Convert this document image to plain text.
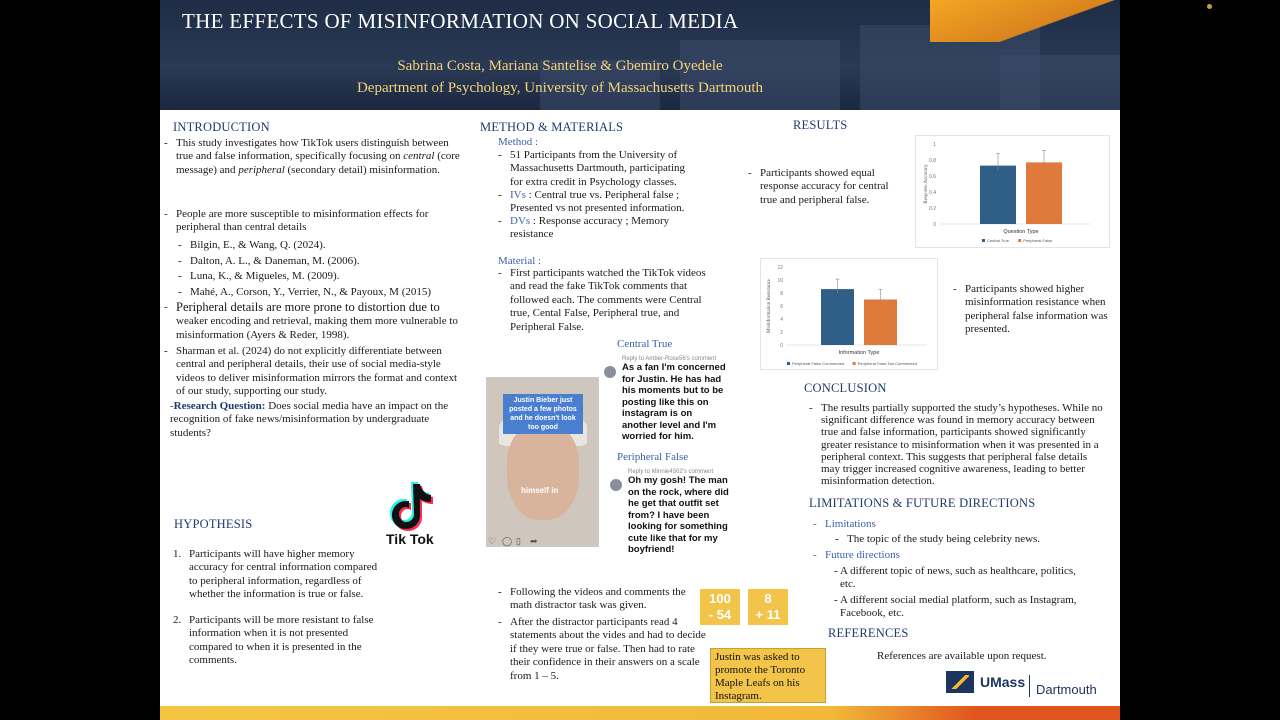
THE EFFECTS OF MISINFORMATION ON SOCIAL MEDIA
Sabrina Costa, Mariana Santelise & Gbemiro Oyedele
Department of Psychology, University of Massachusetts Dartmouth
INTRODUCTION
- This study investigates how TikTok users distinguish between true and false information, specifically focusing on central (core message) and peripheral (secondary detail) misinformation.
- People are more susceptible to misinformation effects for peripheral than central details
- Bilgin, E., & Wang, Q. (2024).
- Dalton, A. L., & Daneman, M. (2006).
- Luna, K., & Migueles, M. (2009).
- Mahé, A., Corson, Y., Verrier, N., & Payoux, M (2015)
- Peripheral details are more prone to distortion due to
weaker encoding and retrieval, making them more vulnerable to misinformation (Ayers & Reder, 1998).
- Sharman et al. (2024) do not explicitly differentiate between central and peripheral details, their use of social media-style videos to deliver misinformation mirrors the format and context of our study, supporting our study.
-Research Question: Does social media have an impact on the recognition of fake news/misinformation by undergraduate students?
HYPOTHESIS
1. Participants will have higher memory accuracy for central information compared to peripheral information, regardless of whether the information is true or false.
2. Participants will be more resistant to false information when it is not presented compared to when it is presented in the comments.
Tik Tok
METHOD & MATERIALS
Method :
- 51 Participants from the University of Massachusetts Dartmouth, participating for extra credit in Psychology classes.
- IVs : Central true vs. Peripheral false ; Presented vs not presented information.
- DVs : Response accuracy ; Memory resistance
Material :
- First participants watched the TikTok videos and read the fake TikTok comments that followed each. The comments were Central true, Cental False, Peripheral true, and Peripheral False.
Central True
Peripheral False
Justin Bieber just posted a few photos and he doesn't look too good
himself in
♡ ◯ ▯ ➦
Reply to Amber-Rose56's comment
As a fan I'm concerned for Justin. He has had his moments but to be posting like this on instagram is on another level and I'm worried for him.
Reply to Minnie4502's comment
Oh my gosh! The man on the rock, where did he get that outfit set from? I have been looking for something cute like that for my boyfriend!
- Following the videos and comments the math distractor task was given.
- After the distractor participants read 4 statements about the vides and had to decide if they were true or false. Then had to rate their confidence in their answers on a scale from 1 – 5.
100
- 54
8
+ 11
Justin was asked to promote the Toronto Maple Leafs on his Instagram.
RESULTS
- Participants showed equal response accuracy for central true and peripheral false.
- Participants showed higher misinformation resistance when peripheral false information was presented.
1
0.8
0.6
0.4
0.2
0
Response Accuracy
Question Type
Central True	Peripheral False
12
10
8
6
4
2
0
Misinformation Resistance
Information Type
Peripheral False Commented	Peripheral False Not Commented
CONCLUSION
- The results partially supported the study’s hypotheses. While no significant difference was found in memory accuracy between true and false information, participants showed significantly greater resistance to misinformation when it was presented in a peripheral context. This suggests that peripheral false details may trigger increased cognitive awareness, leading to better misinformation detection.
LIMITATIONS & FUTURE DIRECTIONS
- Limitations
- The topic of the study being celebrity news.
- Future directions
- A different topic of news, such as healthcare, politics, etc.
- A different social medial platform, such as Instagram, Facebook, etc.
REFERENCES
References are available upon request.
UMass Dartmouth
